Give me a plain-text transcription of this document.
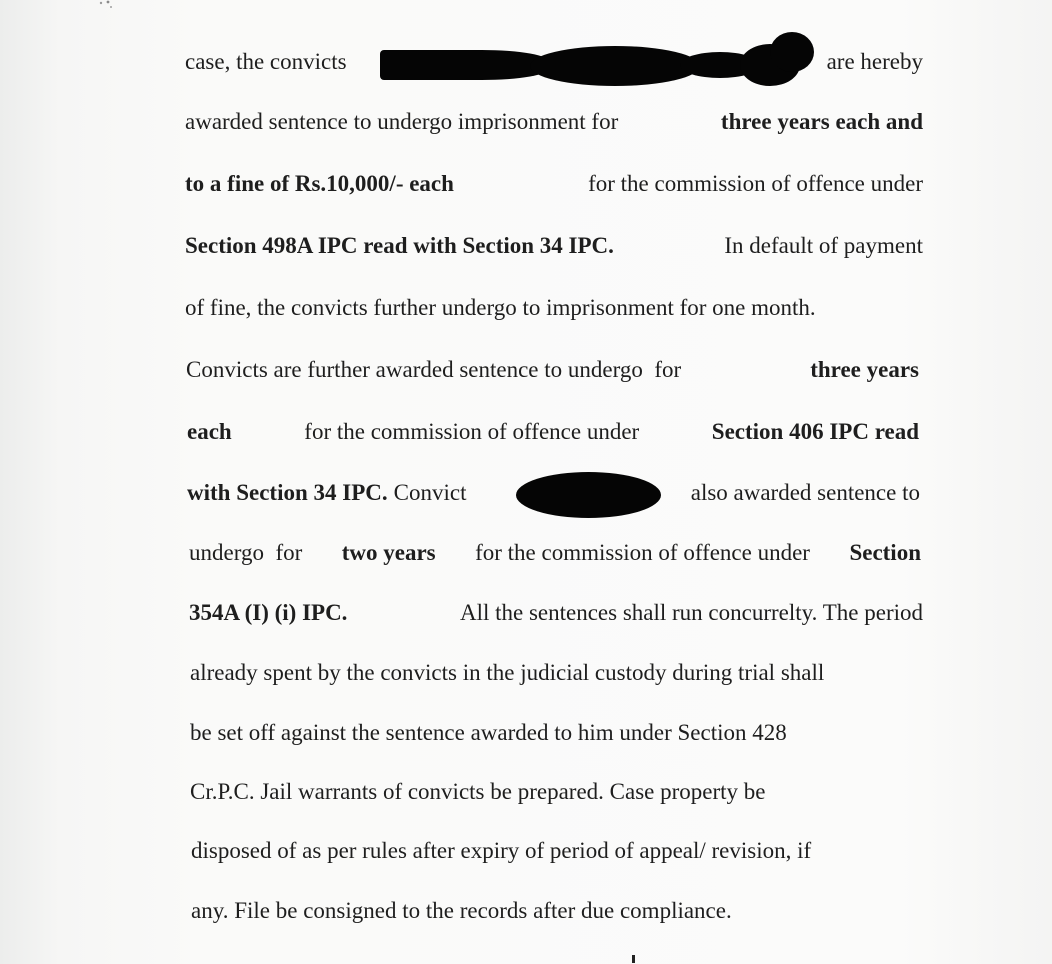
case, the convicts	are hereby
awarded sentence to undergo imprisonment for	three years each and
to a fine of Rs.10,000/- each	for the commission of offence under
Section 498A IPC read with Section 34 IPC.	In default of payment
of fine, the convicts further undergo to imprisonment for one month.
Convicts are further awarded sentence to undergo  for	three years
each	for the commission of offence under	Section 406 IPC read
with Section 34 IPC. Convict	also awarded sentence to
undergo  for two years for the commission of offence under Section
354A (I) (i) IPC.	All the sentences shall run concurrelty. The period
already spent by the convicts in the judicial custody during trial shall
be set off against the sentence awarded to him under Section 428
Cr.P.C. Jail warrants of convicts be prepared. Case property be
disposed of as per rules after expiry of period of appeal/ revision, if
any. File be consigned to the records after due compliance.
